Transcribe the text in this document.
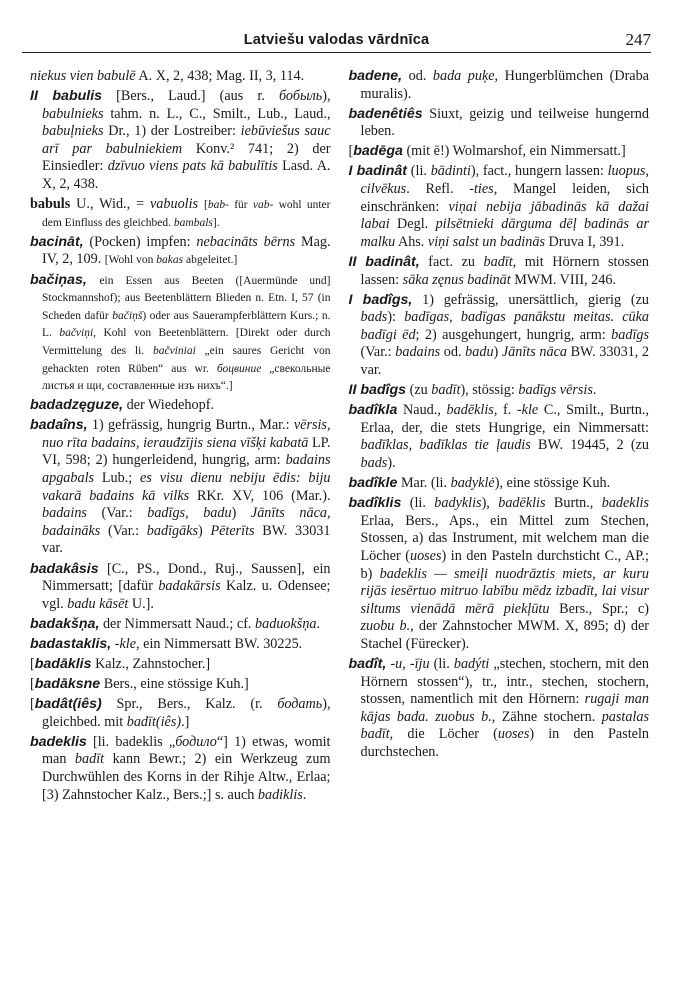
Latviešu valodas vārdnīca	247

niekus vien babulē A. X, 2, 438; Mag. II, 3, 114.

II babulis [Bers., Laud.] (aus r. бобыль), babulnieks tahm. n. L., C., Smilt., Lub., Laud., babuļnieks Dr., 1) der Lostreiber: iebūviešus sauc arī par babulniekiem Konv.² 741; 2) der Einsiedler: dzīvuo viens pats kā babulītis Lasd. A. X, 2, 438.

babuls U., Wid., = vabuolis [bab- für vab- wohl unter dem Einfluss des gleichbed. bambals].

bacināt, (Pocken) impfen: nebacināts bērns Mag. IV, 2, 109. [Wohl von bakas abgeleitet.]

bačiņas, ein Essen aus Beeten ([Auermünde und] Stockmannshof); aus Beetenblättern Blieden n. Etn. I, 57 (in Scheden dafür bačiņš) oder aus Sauerampferblättern Kurs.; n. L. bačviņi, Kohl von Beetenblättern. [Direkt oder durch Vermittelung des li. bačviniai „ein saures Gericht von gehackten roten Rüben“ aus wr. боцвиние „свекольные листья и щи, составленные изъ нихъ“.]

badadzęguze, der Wiedehopf.

badaîns, 1) gefrässig, hungrig Burtn., Mar.: vērsis, nuo rīta badains, ierauđzījis siena vīšķi kabatā LP. VI, 598; 2) hungerleidend, hungrig, arm: badains apgabals Lub.; es visu dienu nebiju ēdis: biju vakarā badains kā vilks RKr. XV, 106 (Mar.). badains (Var.: badīgs, badu) Jānīts nāca, badaināks (Var.: badīgāks) Pēterīts BW. 33031 var.

badakâsis [C., PS., Dond., Ruj., Saussen], ein Nimmersatt; [dafür badakārsis Kalz. u. Odensee; vgl. badu kāsēt U.].

badakšņa, der Nimmersatt Naud.; cf. baduokšņa.

badastaklis, -kle, ein Nimmersatt BW. 30225.

[badāklis Kalz., Zahnstocher.]

[badāksne Bers., eine stössige Kuh.]

[badât(iês) Spr., Bers., Kalz. (r. бодать), gleichbed. mit badīt(iês).]

badeklis [li. badeklis „бодило“] 1) etwas, womit man badīt kann Bewr.; 2) ein Werkzeug zum Durchwühlen des Korns in der Rihje Altw., Erlaa; [3) Zahnstocher Kalz., Bers.;] s. auch badiklis.

badene, od. bada puķe, Hungerblümchen (Draba muralis).

badenêtiês Siuxt, geizig und teilweise hungernd leben.

[badēga (mit ē!) Wolmarshof, ein Nimmersatt.]

I badinât (li. bādinti), fact., hungern lassen: luopus, cilvēkus. Refl. -ties, Mangel leiden, sich einschränken: viņai nebija jābadinās kā dažai labai Degl. pilsētnieki dārguma dēļ badinās ar malku Ahs. viņi salst un badinās Druva I, 391.

II badinât, fact. zu badīt, mit Hörnern stossen lassen: sāka zęnus badināt MWM. VIII, 246.

I badîgs, 1) gefrässig, unersättlich, gierig (zu bads): badīgas, badīgas panākstu meitas. cūka badīgi ēd; 2) ausgehungert, hungrig, arm: badīgs (Var.: badains od. badu) Jānīts nāca BW. 33031, 2 var.

II badîgs (zu badīt), stössig: badīgs vērsis.

badîkla Naud., badēklis, f. -kle C., Smilt., Burtn., Erlaa, der, die stets Hungrige, ein Nimmersatt: badīklas, badīklas tie ļaudis BW. 19445, 2 (zu bads).

badîkle Mar. (li. badyklė), eine stössige Kuh.

badîklis (li. badyklis), badēklis Burtn., badeklis Erlaa, Bers., Aps., ein Mittel zum Stechen, Stossen, a) das Instrument, mit welchem man die Löcher (uoses) in den Pasteln durchsticht C., AP.; b) badeklis — smeiļi nuodrāztis miets, ar kuru rijās iesērtuo mitruo labību mēdz izbadīt, lai visur siltums vienādā mērā piekļūtu Bers., Spr.; c) zuobu b., der Zahnstocher MWM. X, 895; d) der Stachel (Fürecker).

badît, -u, -īju (li. badýti „stechen, stochern, mit den Hörnern stossen“), tr., intr., stechen, stochern, stossen, namentlich mit den Hörnern: rugaji man kājas bada. zuobus b., Zähne stochern. pastalas badīt, die Löcher (uoses) in den Pasteln durchstechen.
